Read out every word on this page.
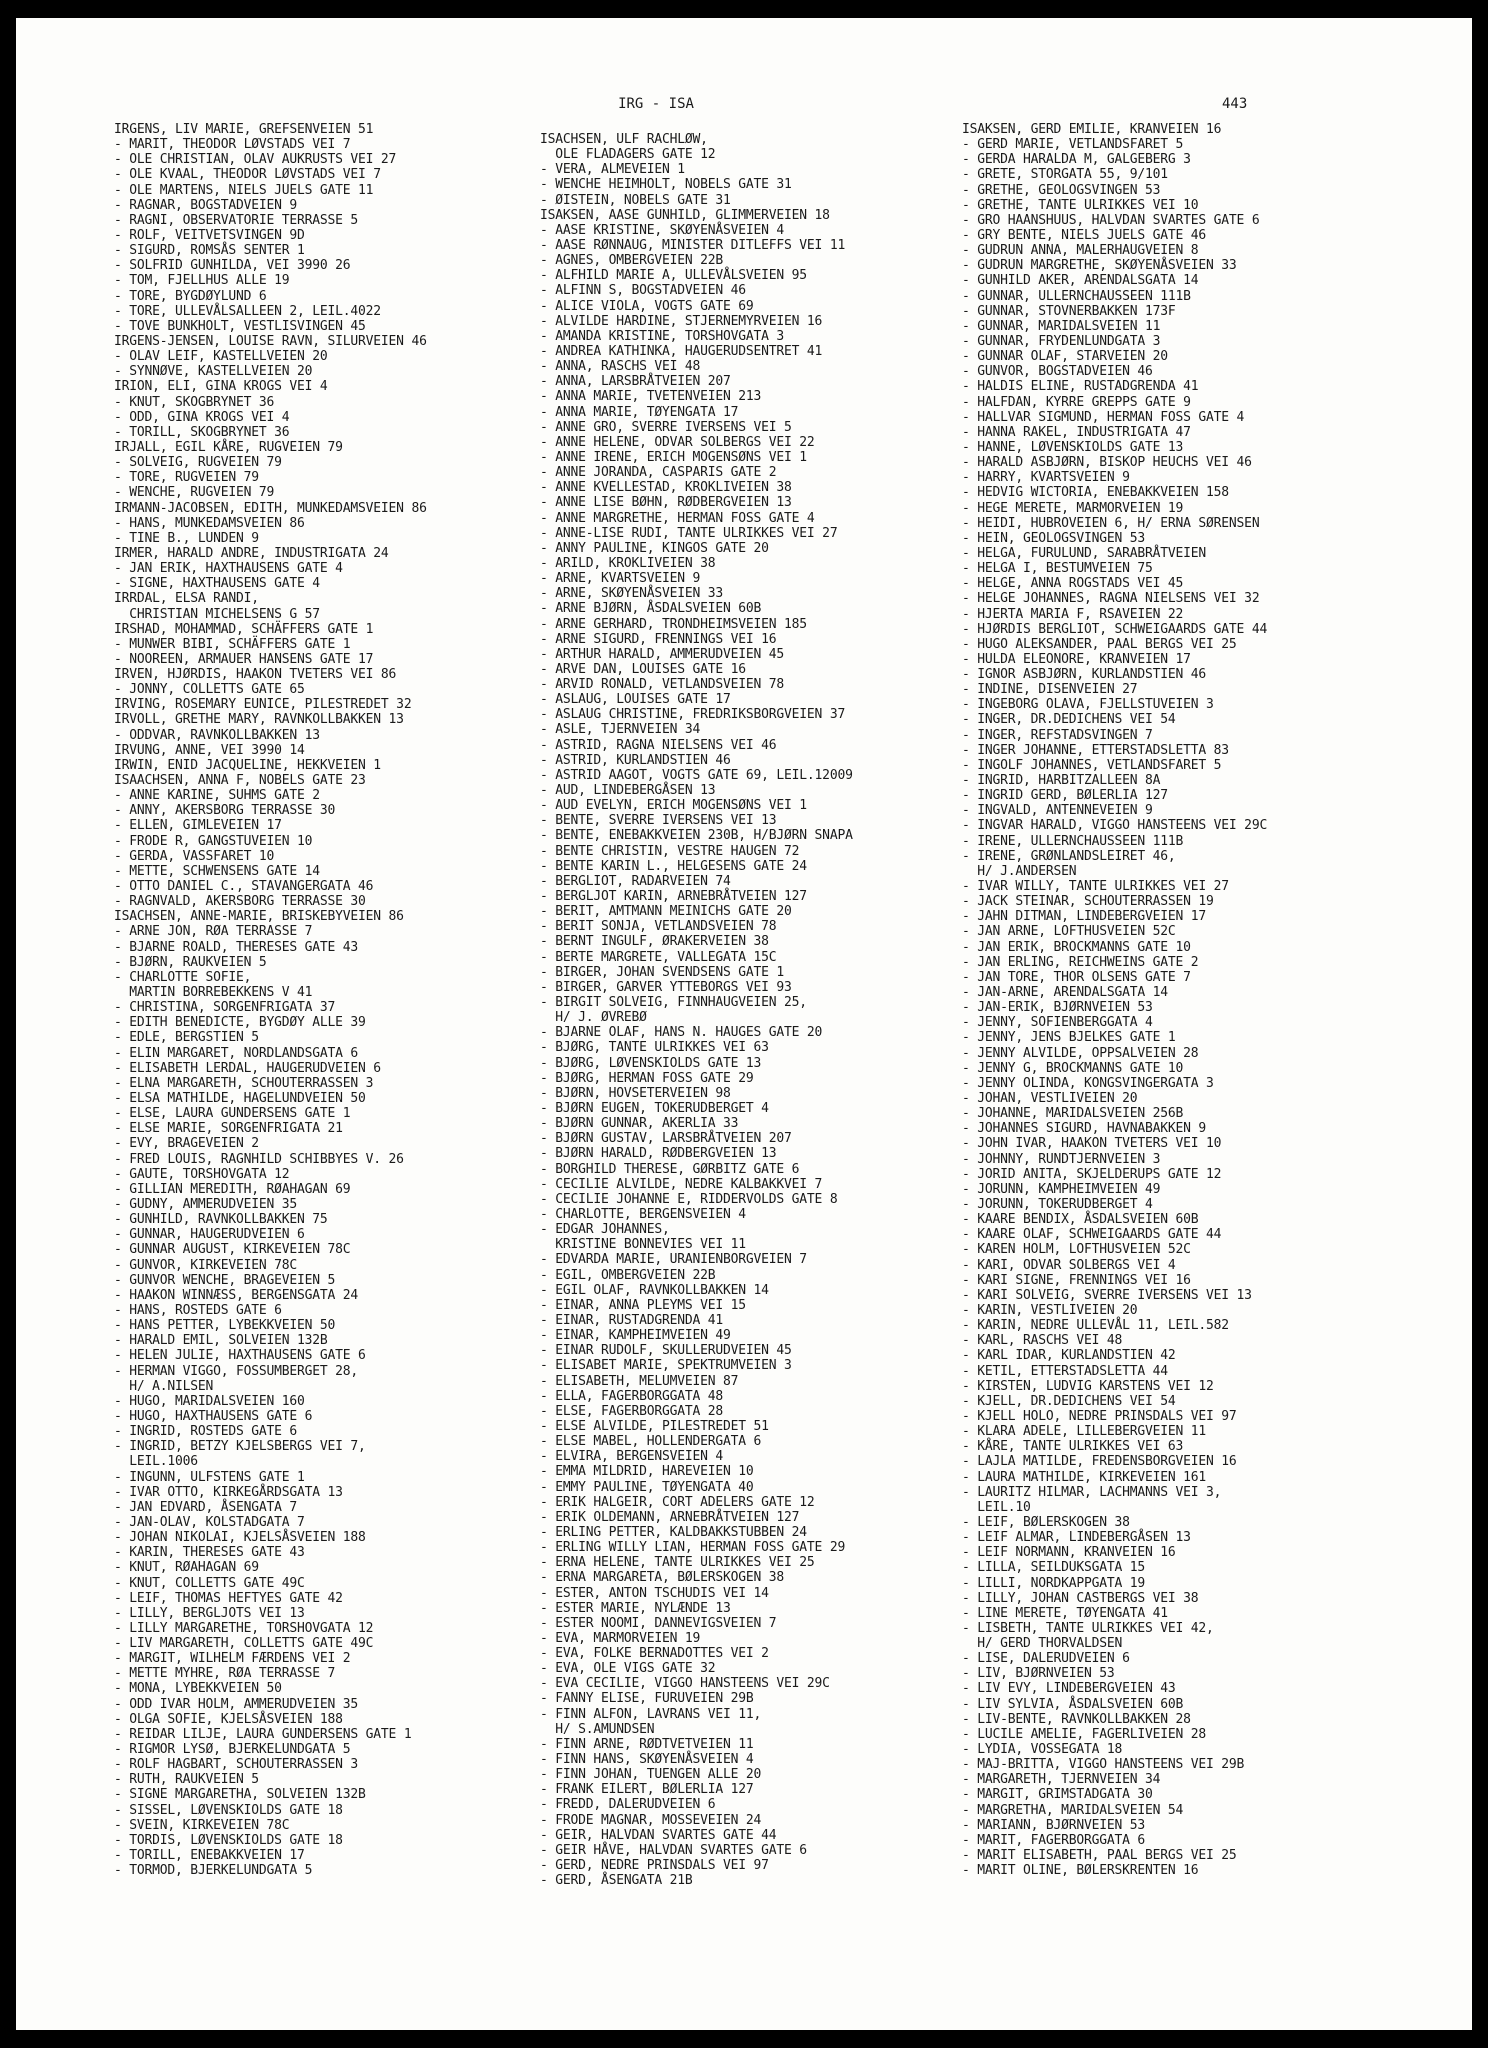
IRG - ISA	443
IRGENS, LIV MARIE, GREFSENVEIEN 51
- MARIT, THEODOR LØVSTADS VEI 7
- OLE CHRISTIAN, OLAV AUKRUSTS VEI 27
- OLE KVAAL, THEODOR LØVSTADS VEI 7
- OLE MARTENS, NIELS JUELS GATE 11
- RAGNAR, BOGSTADVEIEN 9
- RAGNI, OBSERVATORIE TERRASSE 5
- ROLF, VEITVETSVINGEN 9D
- SIGURD, ROMSÅS SENTER 1
- SOLFRID GUNHILDA, VEI 3990 26
- TOM, FJELLHUS ALLE 19
- TORE, BYGDØYLUND 6
- TORE, ULLEVÅLSALLEEN 2, LEIL.4022
- TOVE BUNKHOLT, VESTLISVINGEN 45
IRGENS-JENSEN, LOUISE RAVN, SILURVEIEN 46
- OLAV LEIF, KASTELLVEIEN 20
- SYNNØVE, KASTELLVEIEN 20
IRION, ELI, GINA KROGS VEI 4
- KNUT, SKOGBRYNET 36
- ODD, GINA KROGS VEI 4
- TORILL, SKOGBRYNET 36
IRJALL, EGIL KÅRE, RUGVEIEN 79
- SOLVEIG, RUGVEIEN 79
- TORE, RUGVEIEN 79
- WENCHE, RUGVEIEN 79
IRMANN-JACOBSEN, EDITH, MUNKEDAMSVEIEN 86
- HANS, MUNKEDAMSVEIEN 86
- TINE B., LUNDEN 9
IRMER, HARALD ANDRE, INDUSTRIGATA 24
- JAN ERIK, HAXTHAUSENS GATE 4
- SIGNE, HAXTHAUSENS GATE 4
IRRDAL, ELSA RANDI,
CHRISTIAN MICHELSENS G 57
IRSHAD, MOHAMMAD, SCHÄFFERS GATE 1
- MUNWER BIBI, SCHÄFFERS GATE 1
- NOOREEN, ARMAUER HANSENS GATE 17
IRVEN, HJØRDIS, HAAKON TVETERS VEI 86
- JONNY, COLLETTS GATE 65
IRVING, ROSEMARY EUNICE, PILESTREDET 32
IRVOLL, GRETHE MARY, RAVNKOLLBAKKEN 13
- ODDVAR, RAVNKOLLBAKKEN 13
IRVUNG, ANNE, VEI 3990 14
IRWIN, ENID JACQUELINE, HEKKVEIEN 1
ISAACHSEN, ANNA F, NOBELS GATE 23
- ANNE KARINE, SUHMS GATE 2
- ANNY, AKERSBORG TERRASSE 30
- ELLEN, GIMLEVEIEN 17
- FRODE R, GANGSTUVEIEN 10
- GERDA, VASSFARET 10
- METTE, SCHWENSENS GATE 14
- OTTO DANIEL C., STAVANGERGATA 46
- RAGNVALD, AKERSBORG TERRASSE 30
ISACHSEN, ANNE-MARIE, BRISKEBYVEIEN 86
- ARNE JON, RØA TERRASSE 7
- BJARNE ROALD, THERESES GATE 43
- BJØRN, RAUKVEIEN 5
- CHARLOTTE SOFIE,
MARTIN BORREBEKKENS V 41
- CHRISTINA, SORGENFRIGATA 37
- EDITH BENEDICTE, BYGDØY ALLE 39
- EDLE, BERGSTIEN 5
- ELIN MARGARET, NORDLANDSGATA 6
- ELISABETH LERDAL, HAUGERUDVEIEN 6
- ELNA MARGARETH, SCHOUTERRASSEN 3
- ELSA MATHILDE, HAGELUNDVEIEN 50
- ELSE, LAURA GUNDERSENS GATE 1
- ELSE MARIE, SORGENFRIGATA 21
- EVY, BRAGEVEIEN 2
- FRED LOUIS, RAGNHILD SCHIBBYES V. 26
- GAUTE, TORSHOVGATA 12
- GILLIAN MEREDITH, RØAHAGAN 69
- GUDNY, AMMERUDVEIEN 35
- GUNHILD, RAVNKOLLBAKKEN 75
- GUNNAR, HAUGERUDVEIEN 6
- GUNNAR AUGUST, KIRKEVEIEN 78C
- GUNVOR, KIRKEVEIEN 78C
- GUNVOR WENCHE, BRAGEVEIEN 5
- HAAKON WINNÆSS, BERGENSGATA 24
- HANS, ROSTEDS GATE 6
- HANS PETTER, LYBEKKVEIEN 50
- HARALD EMIL, SOLVEIEN 132B
- HELEN JULIE, HAXTHAUSENS GATE 6
- HERMAN VIGGO, FOSSUMBERGET 28,
H/ A.NILSEN
- HUGO, MARIDALSVEIEN 160
- HUGO, HAXTHAUSENS GATE 6
- INGRID, ROSTEDS GATE 6
- INGRID, BETZY KJELSBERGS VEI 7,
LEIL.1006
- INGUNN, ULFSTENS GATE 1
- IVAR OTTO, KIRKEGÅRDSGATA 13
- JAN EDVARD, ÅSENGATA 7
- JAN-OLAV, KOLSTADGATA 7
- JOHAN NIKOLAI, KJELSÅSVEIEN 188
- KARIN, THERESES GATE 43
- KNUT, RØAHAGAN 69
- KNUT, COLLETTS GATE 49C
- LEIF, THOMAS HEFTYES GATE 42
- LILLY, BERGLJOTS VEI 13
- LILLY MARGARETHE, TORSHOVGATA 12
- LIV MARGARETH, COLLETTS GATE 49C
- MARGIT, WILHELM FÆRDENS VEI 2
- METTE MYHRE, RØA TERRASSE 7
- MONA, LYBEKKVEIEN 50
- ODD IVAR HOLM, AMMERUDVEIEN 35
- OLGA SOFIE, KJELSÅSVEIEN 188
- REIDAR LILJE, LAURA GUNDERSENS GATE 1
- RIGMOR LYSØ, BJERKELUNDGATA 5
- ROLF HAGBART, SCHOUTERRASSEN 3
- RUTH, RAUKVEIEN 5
- SIGNE MARGARETHA, SOLVEIEN 132B
- SISSEL, LØVENSKIOLDS GATE 18
- SVEIN, KIRKEVEIEN 78C
- TORDIS, LØVENSKIOLDS GATE 18
- TORILL, ENEBAKKVEIEN 17
- TORMOD, BJERKELUNDGATA 5
ISACHSEN, ULF RACHLØW,
OLE FLADAGERS GATE 12
- VERA, ALMEVEIEN 1
- WENCHE HEIMHOLT, NOBELS GATE 31
- ØISTEIN, NOBELS GATE 31
ISAKSEN, AASE GUNHILD, GLIMMERVEIEN 18
- AASE KRISTINE, SKØYENÅSVEIEN 4
- AASE RØNNAUG, MINISTER DITLEFFS VEI 11
- AGNES, OMBERGVEIEN 22B
- ALFHILD MARIE A, ULLEVÅLSVEIEN 95
- ALFINN S, BOGSTADVEIEN 46
- ALICE VIOLA, VOGTS GATE 69
- ALVILDE HARDINE, STJERNEMYRVEIEN 16
- AMANDA KRISTINE, TORSHOVGATA 3
- ANDREA KATHINKA, HAUGERUDSENTRET 41
- ANNA, RASCHS VEI 48
- ANNA, LARSBRÅTVEIEN 207
- ANNA MARIE, TVETENVEIEN 213
- ANNA MARIE, TØYENGATA 17
- ANNE GRO, SVERRE IVERSENS VEI 5
- ANNE HELENE, ODVAR SOLBERGS VEI 22
- ANNE IRENE, ERICH MOGENSØNS VEI 1
- ANNE JORANDA, CASPARIS GATE 2
- ANNE KVELLESTAD, KROKLIVEIEN 38
- ANNE LISE BØHN, RØDBERGVEIEN 13
- ANNE MARGRETHE, HERMAN FOSS GATE 4
- ANNE-LISE RUDI, TANTE ULRIKKES VEI 27
- ANNY PAULINE, KINGOS GATE 20
- ARILD, KROKLIVEIEN 38
- ARNE, KVARTSVEIEN 9
- ARNE, SKØYENÅSVEIEN 33
- ARNE BJØRN, ÅSDALSVEIEN 60B
- ARNE GERHARD, TRONDHEIMSVEIEN 185
- ARNE SIGURD, FRENNINGS VEI 16
- ARTHUR HARALD, AMMERUDVEIEN 45
- ARVE DAN, LOUISES GATE 16
- ARVID RONALD, VETLANDSVEIEN 78
- ASLAUG, LOUISES GATE 17
- ASLAUG CHRISTINE, FREDRIKSBORGVEIEN 37
- ASLE, TJERNVEIEN 34
- ASTRID, RAGNA NIELSENS VEI 46
- ASTRID, KURLANDSTIEN 46
- ASTRID AAGOT, VOGTS GATE 69, LEIL.12009
- AUD, LINDEBERGÅSEN 13
- AUD EVELYN, ERICH MOGENSØNS VEI 1
- BENTE, SVERRE IVERSENS VEI 13
- BENTE, ENEBAKKVEIEN 230B, H/BJØRN SNAPA
- BENTE CHRISTIN, VESTRE HAUGEN 72
- BENTE KARIN L., HELGESENS GATE 24
- BERGLIOT, RADARVEIEN 74
- BERGLJOT KARIN, ARNEBRÅTVEIEN 127
- BERIT, AMTMANN MEINICHS GATE 20
- BERIT SONJA, VETLANDSVEIEN 78
- BERNT INGULF, ØRAKERVEIEN 38
- BERTE MARGRETE, VALLEGATA 15C
- BIRGER, JOHAN SVENDSENS GATE 1
- BIRGER, GARVER YTTEBORGS VEI 93
- BIRGIT SOLVEIG, FINNHAUGVEIEN 25,
H/ J. ØVREBØ
- BJARNE OLAF, HANS N. HAUGES GATE 20
- BJØRG, TANTE ULRIKKES VEI 63
- BJØRG, LØVENSKIOLDS GATE 13
- BJØRG, HERMAN FOSS GATE 29
- BJØRN, HOVSETERVEIEN 98
- BJØRN EUGEN, TOKERUDBERGET 4
- BJØRN GUNNAR, AKERLIA 33
- BJØRN GUSTAV, LARSBRÅTVEIEN 207
- BJØRN HARALD, RØDBERGVEIEN 13
- BORGHILD THERESE, GØRBITZ GATE 6
- CECILIE ALVILDE, NEDRE KALBAKKVEI 7
- CECILIE JOHANNE E, RIDDERVOLDS GATE 8
- CHARLOTTE, BERGENSVEIEN 4
- EDGAR JOHANNES,
KRISTINE BONNEVIES VEI 11
- EDVARDA MARIE, URANIENBORGVEIEN 7
- EGIL, OMBERGVEIEN 22B
- EGIL OLAF, RAVNKOLLBAKKEN 14
- EINAR, ANNA PLEYMS VEI 15
- EINAR, RUSTADGRENDA 41
- EINAR, KAMPHEIMVEIEN 49
- EINAR RUDOLF, SKULLERUDVEIEN 45
- ELISABET MARIE, SPEKTRUMVEIEN 3
- ELISABETH, MELUMVEIEN 87
- ELLA, FAGERBORGGATA 48
- ELSE, FAGERBORGGATA 28
- ELSE ALVILDE, PILESTREDET 51
- ELSE MABEL, HOLLENDERGATA 6
- ELVIRA, BERGENSVEIEN 4
- EMMA MILDRID, HAREVEIEN 10
- EMMY PAULINE, TØYENGATA 40
- ERIK HALGEIR, CORT ADELERS GATE 12
- ERIK OLDEMANN, ARNEBRÅTVEIEN 127
- ERLING PETTER, KALDBAKKSTUBBEN 24
- ERLING WILLY LIAN, HERMAN FOSS GATE 29
- ERNA HELENE, TANTE ULRIKKES VEI 25
- ERNA MARGARETA, BØLERSKOGEN 38
- ESTER, ANTON TSCHUDIS VEI 14
- ESTER MARIE, NYLÆNDE 13
- ESTER NOOMI, DANNEVIGSVEIEN 7
- EVA, MARMORVEIEN 19
- EVA, FOLKE BERNADOTTES VEI 2
- EVA, OLE VIGS GATE 32
- EVA CECILIE, VIGGO HANSTEENS VEI 29C
- FANNY ELISE, FURUVEIEN 29B
- FINN ALFON, LAVRANS VEI 11,
H/ S.AMUNDSEN
- FINN ARNE, RØDTVETVEIEN 11
- FINN HANS, SKØYENÅSVEIEN 4
- FINN JOHAN, TUENGEN ALLE 20
- FRANK EILERT, BØLERLIA 127
- FREDD, DALERUDVEIEN 6
- FRODE MAGNAR, MOSSEVEIEN 24
- GEIR, HALVDAN SVARTES GATE 44
- GEIR HÅVE, HALVDAN SVARTES GATE 6
- GERD, NEDRE PRINSDALS VEI 97
- GERD, ÅSENGATA 21B
ISAKSEN, GERD EMILIE, KRANVEIEN 16
- GERD MARIE, VETLANDSFARET 5
- GERDA HARALDA M, GALGEBERG 3
- GRETE, STORGATA 55, 9/101
- GRETHE, GEOLOGSVINGEN 53
- GRETHE, TANTE ULRIKKES VEI 10
- GRO HAANSHUUS, HALVDAN SVARTES GATE 6
- GRY BENTE, NIELS JUELS GATE 46
- GUDRUN ANNA, MALERHAUGVEIEN 8
- GUDRUN MARGRETHE, SKØYENÅSVEIEN 33
- GUNHILD AKER, ARENDALSGATA 14
- GUNNAR, ULLERNCHAUSSEEN 111B
- GUNNAR, STOVNERBAKKEN 173F
- GUNNAR, MARIDALSVEIEN 11
- GUNNAR, FRYDENLUNDGATA 3
- GUNNAR OLAF, STARVEIEN 20
- GUNVOR, BOGSTADVEIEN 46
- HALDIS ELINE, RUSTADGRENDA 41
- HALFDAN, KYRRE GREPPS GATE 9
- HALLVAR SIGMUND, HERMAN FOSS GATE 4
- HANNA RAKEL, INDUSTRIGATA 47
- HANNE, LØVENSKIOLDS GATE 13
- HARALD ASBJØRN, BISKOP HEUCHS VEI 46
- HARRY, KVARTSVEIEN 9
- HEDVIG WICTORIA, ENEBAKKVEIEN 158
- HEGE MERETE, MARMORVEIEN 19
- HEIDI, HUBROVEIEN 6, H/ ERNA SØRENSEN
- HEIN, GEOLOGSVINGEN 53
- HELGA, FURULUND, SARABRÅTVEIEN
- HELGA I, BESTUMVEIEN 75
- HELGE, ANNA ROGSTADS VEI 45
- HELGE JOHANNES, RAGNA NIELSENS VEI 32
- HJERTA MARIA F, RSAVEIEN 22
- HJØRDIS BERGLIOT, SCHWEIGAARDS GATE 44
- HUGO ALEKSANDER, PAAL BERGS VEI 25
- HULDA ELEONORE, KRANVEIEN 17
- IGNOR ASBJØRN, KURLANDSTIEN 46
- INDINE, DISENVEIEN 27
- INGEBORG OLAVA, FJELLSTUVEIEN 3
- INGER, DR.DEDICHENS VEI 54
- INGER, REFSTADSVINGEN 7
- INGER JOHANNE, ETTERSTADSLETTA 83
- INGOLF JOHANNES, VETLANDSFARET 5
- INGRID, HARBITZALLEEN 8A
- INGRID GERD, BØLERLIA 127
- INGVALD, ANTENNEVEIEN 9
- INGVAR HARALD, VIGGO HANSTEENS VEI 29C
- IRENE, ULLERNCHAUSSEEN 111B
- IRENE, GRØNLANDSLEIRET 46,
H/ J.ANDERSEN
- IVAR WILLY, TANTE ULRIKKES VEI 27
- JACK STEINAR, SCHOUTERRASSEN 19
- JAHN DITMAN, LINDEBERGVEIEN 17
- JAN ARNE, LOFTHUSVEIEN 52C
- JAN ERIK, BROCKMANNS GATE 10
- JAN ERLING, REICHWEINS GATE 2
- JAN TORE, THOR OLSENS GATE 7
- JAN-ARNE, ARENDALSGATA 14
- JAN-ERIK, BJØRNVEIEN 53
- JENNY, SOFIENBERGGATA 4
- JENNY, JENS BJELKES GATE 1
- JENNY ALVILDE, OPPSALVEIEN 28
- JENNY G, BROCKMANNS GATE 10
- JENNY OLINDA, KONGSVINGERGATA 3
- JOHAN, VESTLIVEIEN 20
- JOHANNE, MARIDALSVEIEN 256B
- JOHANNES SIGURD, HAVNABAKKEN 9
- JOHN IVAR, HAAKON TVETERS VEI 10
- JOHNNY, RUNDTJERNVEIEN 3
- JORID ANITA, SKJELDERUPS GATE 12
- JORUNN, KAMPHEIMVEIEN 49
- JORUNN, TOKERUDBERGET 4
- KAARE BENDIX, ÅSDALSVEIEN 60B
- KAARE OLAF, SCHWEIGAARDS GATE 44
- KAREN HOLM, LOFTHUSVEIEN 52C
- KARI, ODVAR SOLBERGS VEI 4
- KARI SIGNE, FRENNINGS VEI 16
- KARI SOLVEIG, SVERRE IVERSENS VEI 13
- KARIN, VESTLIVEIEN 20
- KARIN, NEDRE ULLEVÅL 11, LEIL.582
- KARL, RASCHS VEI 48
- KARL IDAR, KURLANDSTIEN 42
- KETIL, ETTERSTADSLETTA 44
- KIRSTEN, LUDVIG KARSTENS VEI 12
- KJELL, DR.DEDICHENS VEI 54
- KJELL HOLO, NEDRE PRINSDALS VEI 97
- KLARA ADELE, LILLEBERGVEIEN 11
- KÅRE, TANTE ULRIKKES VEI 63
- LAJLA MATILDE, FREDENSBORGVEIEN 16
- LAURA MATHILDE, KIRKEVEIEN 161
- LAURITZ HILMAR, LACHMANNS VEI 3,
LEIL.10
- LEIF, BØLERSKOGEN 38
- LEIF ALMAR, LINDEBERGÅSEN 13
- LEIF NORMANN, KRANVEIEN 16
- LILLA, SEILDUKSGATA 15
- LILLI, NORDKAPPGATA 19
- LILLY, JOHAN CASTBERGS VEI 38
- LINE MERETE, TØYENGATA 41
- LISBETH, TANTE ULRIKKES VEI 42,
H/ GERD THORVALDSEN
- LISE, DALERUDVEIEN 6
- LIV, BJØRNVEIEN 53
- LIV EVY, LINDEBERGVEIEN 43
- LIV SYLVIA, ÅSDALSVEIEN 60B
- LIV-BENTE, RAVNKOLLBAKKEN 28
- LUCILE AMELIE, FAGERLIVEIEN 28
- LYDIA, VOSSEGATA 18
- MAJ-BRITTA, VIGGO HANSTEENS VEI 29B
- MARGARETH, TJERNVEIEN 34
- MARGIT, GRIMSTADGATA 30
- MARGRETHA, MARIDALSVEIEN 54
- MARIANN, BJØRNVEIEN 53
- MARIT, FAGERBORGGATA 6
- MARIT ELISABETH, PAAL BERGS VEI 25
- MARIT OLINE, BØLERSKRENTEN 16
